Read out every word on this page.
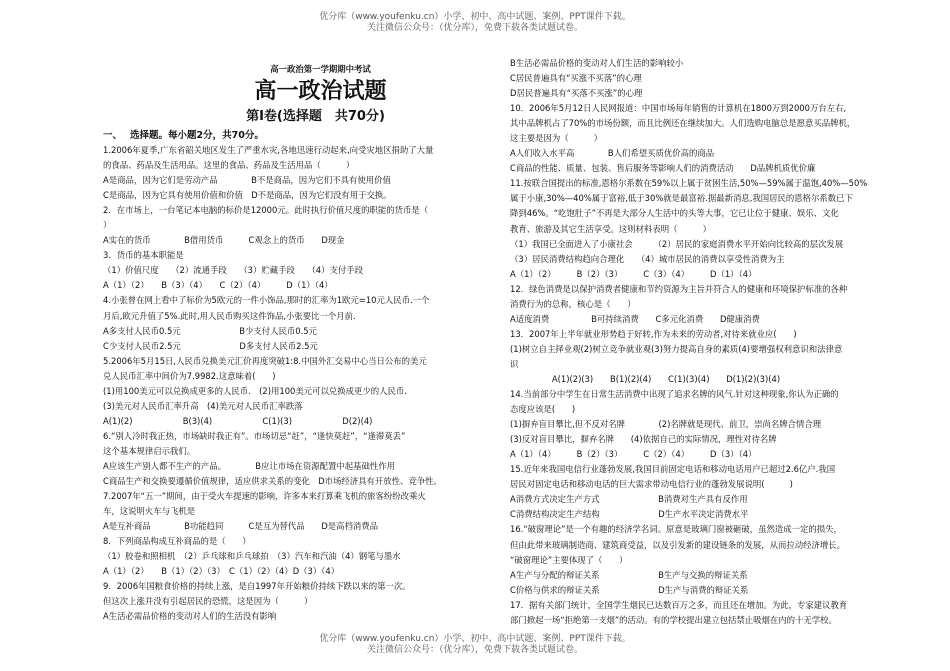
优分库（www.youfenku.cn）小学、初中、高中试题、案例、PPT课件下载。
关注微信公众号：（优分库），免费下载各类试题试卷。
高一政治第一学期期中考试
高一政治试题
第Ⅰ卷(选择题　共70分)
一、　 选择题。每小题2分，共70分。

1.2006年夏季,广东省韶关地区发生了严重水灾,各地迅速行动起来,向受灾地区捐助了大量

的食品、药品及生活用品。这里的食品、药品及生活用品（　　　）

A是商品，因为它们是劳动产品　　　　B不是商品，因为它们不具有使用价值

C是商品，因为它具有使用价值和价值　D不是商品，因为它们没有用于交换。

2．在市场上，一台笔记本电脑的标价是12000元。此时执行价值尺度的职能的货币是（

）

A实在的货币　　　　B借用货币　　　C观念上的货币　　D现金

3．货币的基本职能是

（1）价值尺度　　（2）流通手段　　（3）贮藏手段　　（4）支付手段

A（1）（2）　　B（3）（4）　　C（2）（4）　　　D（1）（4）

4.小张曾在网上看中了标价为5欧元的一件小饰品,那时的汇率为1欧元=10元人民币.一个

月后,欧元升值了5%.此时,用人民币购买这件饰品,小张要比一个月前.

A多支付人民币0.5元　　　　　　　B少支付人民币0.5元

C少支付人民币2.5元　　　　　　　D多支付人民币2.5元

5.2006年5月15日,人民币兑换美元汇价再度突破1:8.中国外汇交易中心当日公布的美元

兑人民币汇率中间价为7.9982.这意味着(　　)

(1)用100美元可以兑换成更多的人民币.　(2)用100美元可以兑换成更少的人民币.

(3)美元对人民币汇率升高　(4)美元对人民币汇率跌落

A(1)(2)　　　　　　B(3)(4)　　　　　　C(1)(3)　　　　　　D(2)(4)

6.“别人冷时我正热，市场缺时我正有”。市场切忌“赶”，“逢快莫赶”，“逢滞莫丢”

这个基本规律启示我们。

A应该生产别人都不生产的产品。　　　　B应让市场在资源配置中起基础性作用

C商品生产和交换要遵循价值规律，适应供求关系的变化　D市场经济具有开放性、竞争性。

7.2007年“五一”期间，由于受火车提速的影响，许多本来打算乘飞机的旅客纷纷改乘火

车，这说明火车与飞机是

A是互补商品　　　　B功能趋同　　　C是互为替代品　　D是高档消费品

8．下列商品构成互补商品的是（　　）

（1）胶卷和照相机　（2）乒乓球和乒乓球拍　（3）汽车和汽油（4）钢笔与墨水

A（1）（2）　　B（1）（2）（3）　C（1）（2）（4）D（3）（4）

9．2006年国粮食价格的持续上涨，是自1997年开始粮价持续下跌以来的第一次。

但这次上涨并没有引起居民的恐慌，这是因为（　　　）

A生活必需品价格的变动对人们的生活没有影响

B生活必需品价格的变动对人们生活的影响较小

C居民普遍具有“买涨不买落”的心理

D居民普遍具有“买落不买涨”的心理

10．2006年5月12日人民网报道：中国市场每年销售的计算机在1800万到2000万台左右,

其中品牌机占了70%的市场份额，而且比例还在继续加大。人们选购电脑总是愿意买品牌机，

这主要是因为（　　　）

A人们收入水平高　　　　B人们希望买质优价高的商品

C商品的性能、质量、包装、售后服务等影响人们的消费活动　　D品牌机质优价廉

11.按联合国提出的标准,恩格尔系数在59%以上属于贫困生活,50%—59%属于温饱,40%—50%

属于小康,30%—40%属于富裕,低于30%就是最富裕.据最新消息,我国居民的恩格尔系数已下

降到46%。“吃饱肚子”不再是大部分人生活中的头等大事，它已让位于健康、娱乐、文化

教育、旅游及其它生活享受。这则材料表明（　　　）

（1）我国已全面进入了小康社会　　　（2）居民的家庭消费水平开始向比较高的层次发展

（3）居民消费结构趋向合理化　　（4）城市居民的消费以享受性消费为主

A（1）（2）　　　B（2）（3）　　　C（3）（4）　　　D（1）（4）

12．绿色消费是以保护消费者健康和节约资源为主旨并符合人的健康和环境保护标准的各种

消费行为的总称，核心是（　　）

A适度消费　　　　　B可持续消费　　C多元化消费　　D健康消费

13．2007年上半年就业形势趋于好转,作为未来的劳动者,对待来就业应(　　)

(1)树立自主择业观(2)树立竞争就业观(3)努力提高自身的素质(4)要增强权利意识和法律意

识

　　　　　A(1)(2)(3)　　B(1)(2)(4)　　C(1)(3)(4)　　D(1)(2)(3)(4)

14.当前部分中学生在日常生活消费中出现了追求名牌的风气.针对这种现象,你认为正确的

态度应该是(　　)

(1)摒弃盲目攀比,但不反对名牌　　　　(2)名牌就是现代、前卫，崇尚名牌合情合理

(3)反对盲目攀比，摒弃名牌　　(4)依据自己的实际情况，理性对待名牌

A（1）（4）　　　B（2）（3）　　　C（2）（4）　　　D（3）（4）

15.近年来我国电信行业蓬勃发展,我国目前固定电话和移动电话用户已超过2.6亿户.我国

居民对固定电话和移动电话的巨大需求带动电信行业的蓬勃发展说明(　　　)

A消费方式决定生产方式　　　　　　　B消费对生产具有反作用

C消费结构决定生产结构　　　　　　　D生产水平决定消费水平

16.“破窗理论”是一个有趣的经济学名词。原意是玻璃门窗被砸破，虽然造成一定的损失，

但由此带来玻璃制造商、建筑商受益，以及引发新的建设链条的发展，从而拉动经济增长。

“破窗理论”主要体现了（　　）

A生产与分配的辩证关系　　　　　　　B生产与交换的辩证关系

C价格与供求的辩证关系　　　　　　　D生产与消费的辩证关系

17．据有关部门统计，全国学生烟民已达数百万之多，而且还在增加。为此，专家建议教育

部门掀起一场“拒绝第一支烟”的活动。有的学校提出建立包括禁止吸烟在内的十无学校。

优分库（www.youfenku.cn）小学、初中、高中试题、案例、PPT课件下载。
关注微信公众号：（优分库），免费下载各类试题试卷。
